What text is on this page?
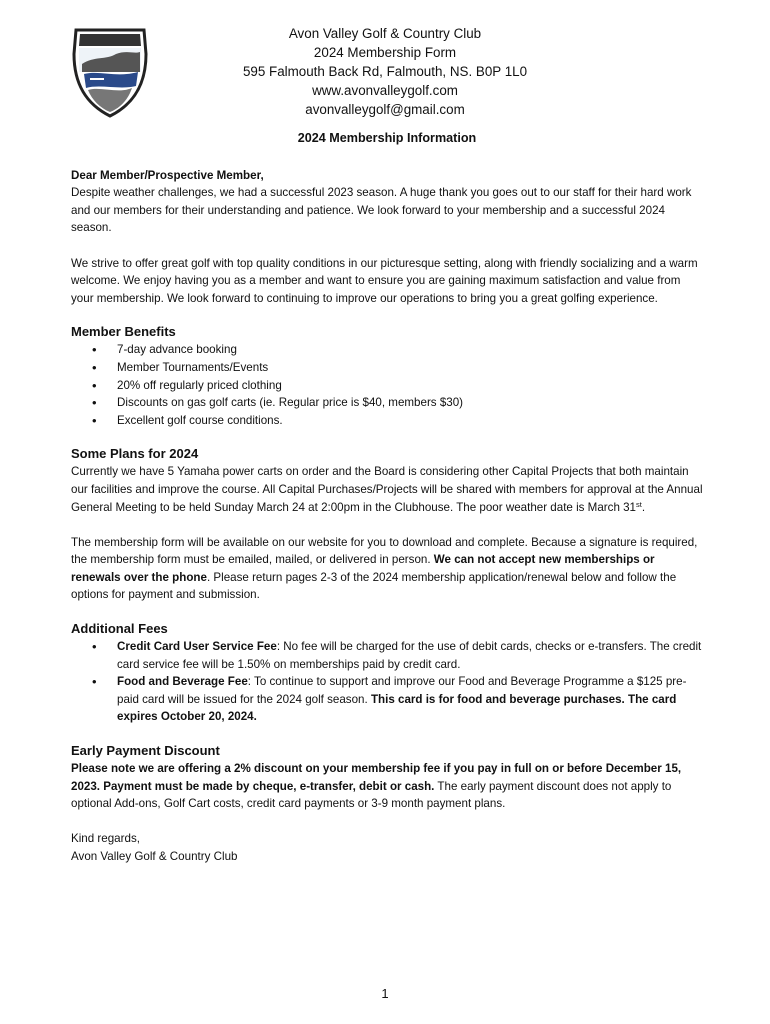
Avon Valley Golf & Country Club
2024 Membership Form
595 Falmouth Back Rd, Falmouth, NS. B0P 1L0
www.avonvalleygolf.com
avonvalleygolf@gmail.com
2024 Membership Information

Dear Member/Prospective Member,

Despite weather challenges, we had a successful 2023 season. A huge thank you goes out to our staff for their hard work and our members for their understanding and patience. We look forward to your membership and a successful 2024 season.

We strive to offer great golf with top quality conditions in our picturesque setting, along with friendly socializing and a warm welcome. We enjoy having you as a member and want to ensure you are gaining maximum satisfaction and value from your membership. We look forward to continuing to improve our operations to bring you a great golfing experience.

Member Benefits
• 7-day advance booking
• Member Tournaments/Events
• 20% off regularly priced clothing
• Discounts on gas golf carts (ie. Regular price is $40, members $30)
• Excellent golf course conditions.
Some Plans for 2024

Currently we have 5 Yamaha power carts on order and the Board is considering other Capital Projects that both maintain our facilities and improve the course. All Capital Purchases/Projects will be shared with members for approval at the Annual General Meeting to be held Sunday March 24 at 2:00pm in the Clubhouse. The poor weather date is March 31st.

The membership form will be available on our website for you to download and complete. Because a signature is required, the membership form must be emailed, mailed, or delivered in person. We can not accept new memberships or renewals over the phone. Please return pages 2-3 of the 2024 membership application/renewal below and follow the options for payment and submission.

Additional Fees
• Credit Card User Service Fee: No fee will be charged for the use of debit cards, checks or e-transfers. The credit card service fee will be 1.50% on memberships paid by credit card.
• Food and Beverage Fee: To continue to support and improve our Food and Beverage Programme a $125 pre-paid card will be issued for the 2024 golf season. This card is for food and beverage purchases. The card expires October 20, 2024.
Early Payment Discount

Please note we are offering a 2% discount on your membership fee if you pay in full on or before December 15, 2023. Payment must be made by cheque, e-transfer, debit or cash. The early payment discount does not apply to optional Add-ons, Golf Cart costs, credit card payments or 3-9 month payment plans.

Kind regards,

Avon Valley Golf & Country Club

1
